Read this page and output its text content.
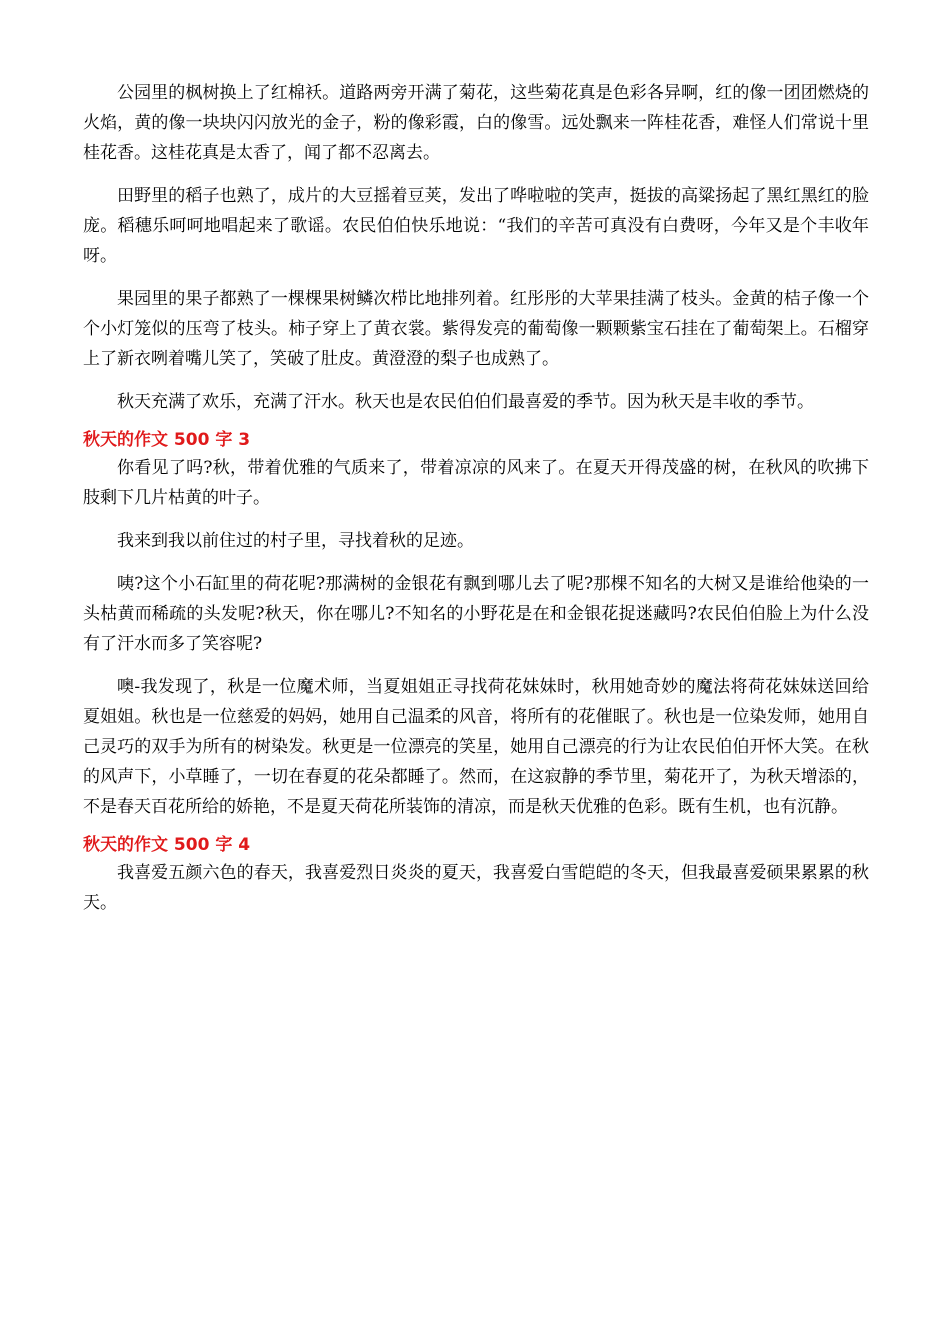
公园里的枫树换上了红棉袄。道路两旁开满了菊花，这些菊花真是色彩各异啊，红的像一团团燃烧的火焰，黄的像一块块闪闪放光的金子，粉的像彩霞，白的像雪。远处飘来一阵桂花香，难怪人们常说十里桂花香。这桂花真是太香了，闻了都不忍离去。

田野里的稻子也熟了，成片的大豆摇着豆荚，发出了哗啦啦的笑声，挺拔的高粱扬起了黑红黑红的脸庞。稻穗乐呵呵地唱起来了歌谣。农民伯伯快乐地说：“我们的辛苦可真没有白费呀，今年又是个丰收年呀。

果园里的果子都熟了一棵棵果树鳞次栉比地排列着。红彤彤的大苹果挂满了枝头。金黄的桔子像一个个小灯笼似的压弯了枝头。柿子穿上了黄衣裳。紫得发亮的葡萄像一颗颗紫宝石挂在了葡萄架上。石榴穿上了新衣咧着嘴儿笑了，笑破了肚皮。黄澄澄的梨子也成熟了。

秋天充满了欢乐，充满了汗水。秋天也是农民伯伯们最喜爱的季节。因为秋天是丰收的季节。

秋天的作文 500 字 3

你看见了吗?秋，带着优雅的气质来了，带着凉凉的风来了。在夏天开得茂盛的树，在秋风的吹拂下肢剩下几片枯黄的叶子。

我来到我以前住过的村子里，寻找着秋的足迹。

咦?这个小石缸里的荷花呢?那满树的金银花有飘到哪儿去了呢?那棵不知名的大树又是谁给他染的一头枯黄而稀疏的头发呢?秋天，你在哪儿?不知名的小野花是在和金银花捉迷藏吗?农民伯伯脸上为什么没有了汗水而多了笑容呢?

噢-我发现了，秋是一位魔术师，当夏姐姐正寻找荷花妹妹时，秋用她奇妙的魔法将荷花妹妹送回给夏姐姐。秋也是一位慈爱的妈妈，她用自己温柔的风音，将所有的花催眠了。秋也是一位染发师，她用自己灵巧的双手为所有的树染发。秋更是一位漂亮的笑星，她用自己漂亮的行为让农民伯伯开怀大笑。在秋的风声下，小草睡了，一切在春夏的花朵都睡了。然而，在这寂静的季节里，菊花开了，为秋天增添的，不是春天百花所给的娇艳，不是夏天荷花所装饰的清凉，而是秋天优雅的色彩。既有生机，也有沉静。

秋天的作文 500 字 4

我喜爱五颜六色的春天，我喜爱烈日炎炎的夏天，我喜爱白雪皑皑的冬天，但我最喜爱硕果累累的秋天。
